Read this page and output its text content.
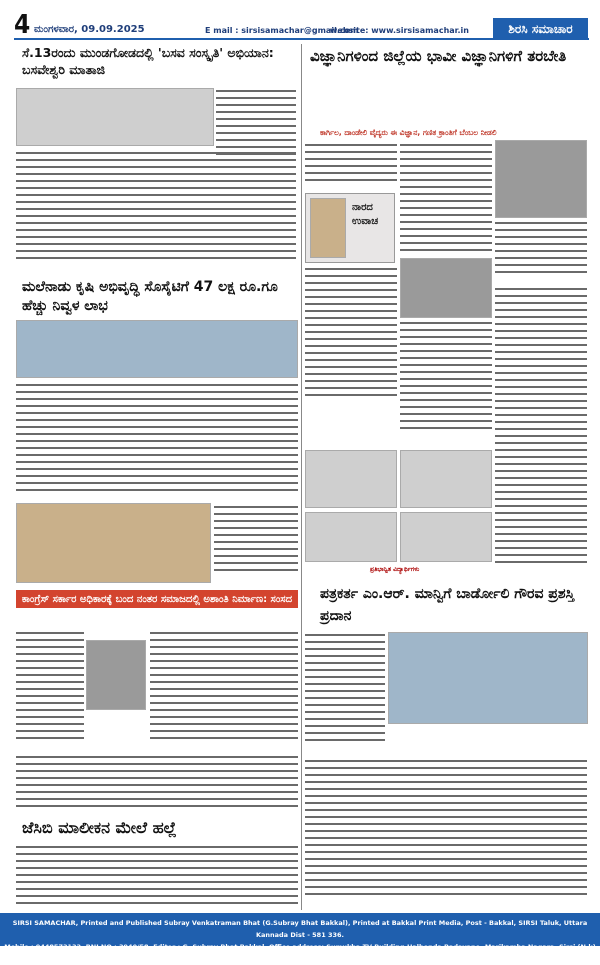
4 ಮಂಗಳವಾರ, 09.09.2025	E mail : sirsisamachar@gmail.com
website: www.sirsisamachar.in	ಶಿರಸಿ ಸಮಾಚಾರ
ಸೆ.13ರಂದು ಮುಂಡಗೋಡದಲ್ಲಿ 'ಬಸವ ಸಂಸ್ಕೃತಿ' ಅಭಿಯಾನ: ಬಸವೇಶ್ವರಿ ಮಾತಾಜಿ
ಮಲೆನಾಡು ಕೃಷಿ ಅಭಿವೃದ್ಧಿ ಸೊಸೈಟಿಗೆ 47 ಲಕ್ಷ ರೂ.ಗೂ ಹೆಚ್ಚು ನಿವ್ವಳ ಲಾಭ
ಕಾಂಗ್ರೆಸ್ ಸರ್ಕಾರ ಅಧಿಕಾರಕ್ಕೆ ಬಂದ ನಂತರ ಸಮಾಜದಲ್ಲಿ ಅಶಾಂತಿ ನಿರ್ಮಾಣ: ಸಂಸದ ಕಾಗೇರಿ
ಜೆಸಿಬಿ ಮಾಲೀಕನ ಮೇಲೆ ಹಲ್ಲೆ
ವಿಜ್ಞಾನಿಗಳಿಂದ ಜಿಲ್ಲೆಯ ಭಾವೀ ವಿಜ್ಞಾನಿಗಳಿಗೆ ತರಬೇತಿ
ಕಾರ್ಗಿಲ, ದಾಂಡೇಲಿ ವೈದ್ಯರು ಈ ವಿಜ್ಞಾನ, ಗಣಿತ ಕ್ರಾಂತಿಗೆ ಬೆಂಬಲ ನೀಡಲಿ
ನಾರದ
ಉವಾಚ
ಪ್ರತಿಭಾನ್ವಿತ ವಿದ್ಯಾರ್ಥಿಗಳು
ಪತ್ರಕರ್ತ ಎಂ.ಆರ್. ಮಾನ್ವಿಗೆ ಬಾರ್ಡೋಲಿ ಗೌರವ ಪ್ರಶಸ್ತಿ ಪ್ರದಾನ
SIRSI SAMACHAR, Printed and Published Subray Venkatraman Bhat (G.Subray Bhat Bakkal), Printed at Bakkal Print Media, Post - Bakkal, SIRSI Taluk, Uttara Kannada Dist - 581 336.
Mobile : 9448573133. RNI NO : 3940/58, Editor : G. Subray Bhat Bakkal. Office address: Sumukha TV Building,Halhonda Badavane, Marikamba Nagara, Sirsi (N.k) 581401
